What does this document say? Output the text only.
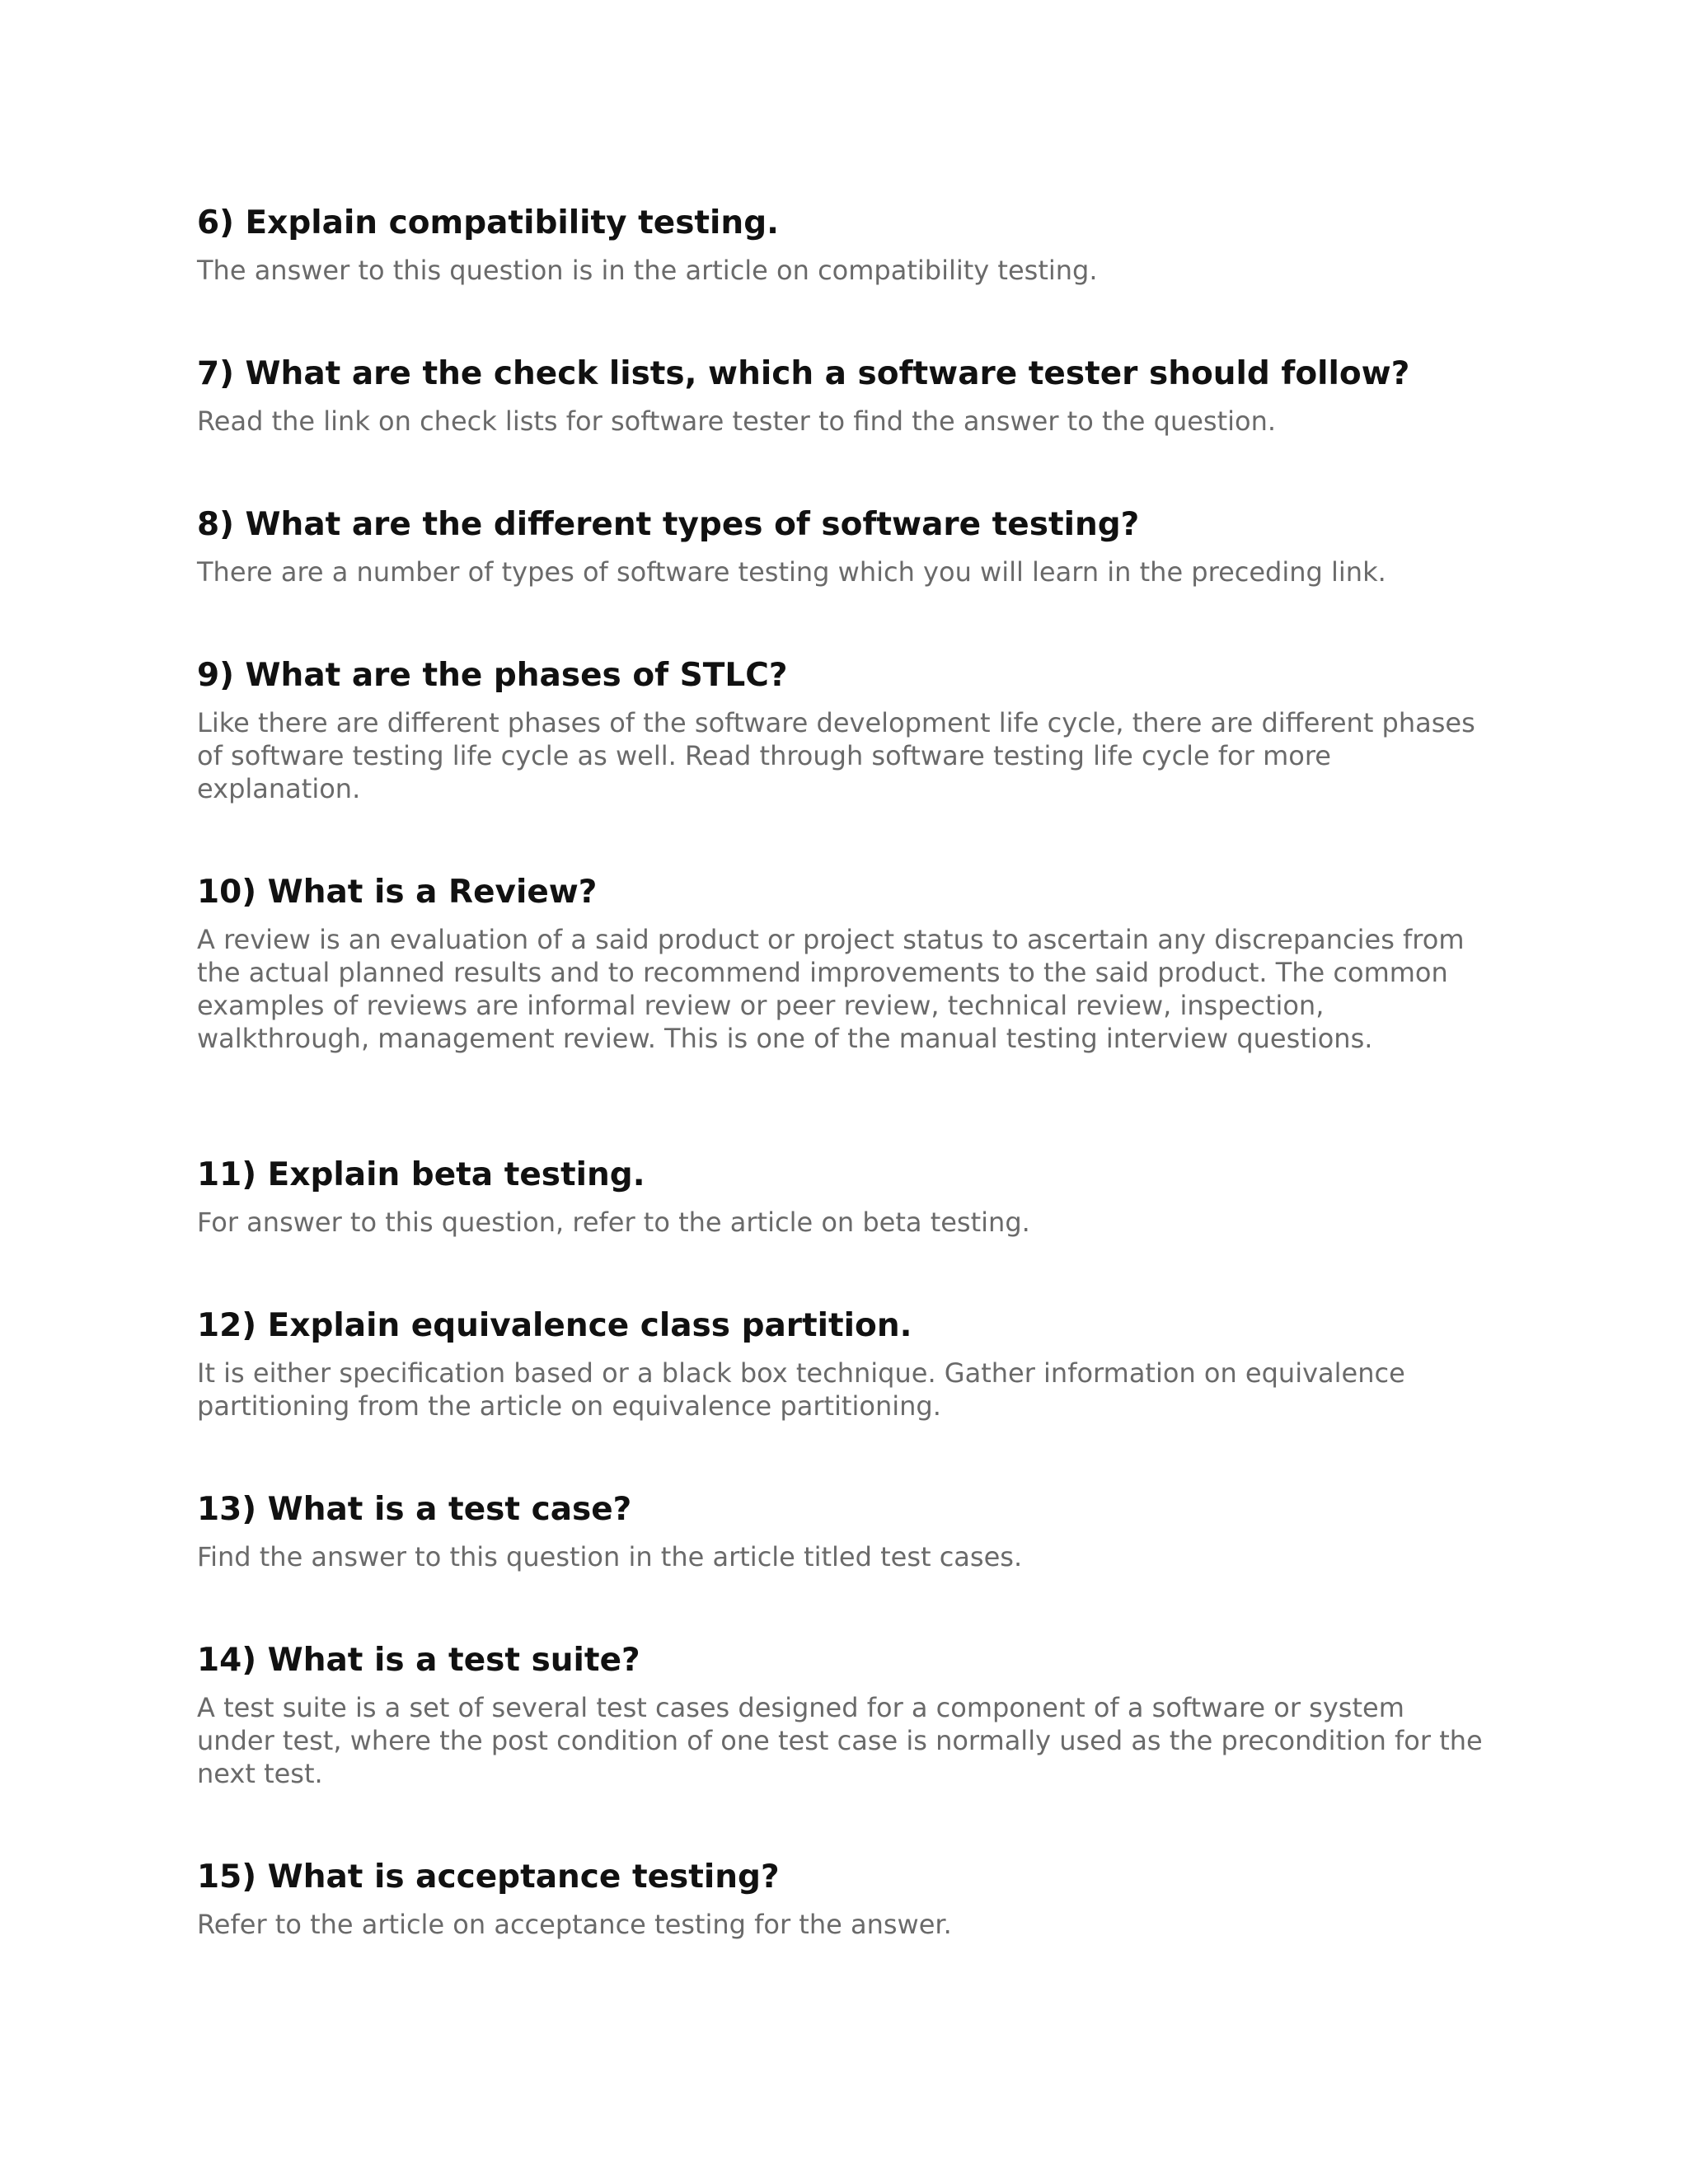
6) Explain compatibility testing.

The answer to this question is in the article on compatibility testing.

7) What are the check lists, which a software tester should follow?

Read the link on check lists for software tester to find the answer to the question.

8) What are the different types of software testing?

There are a number of types of software testing which you will learn in the preceding link.

9) What are the phases of STLC?

Like there are different phases of the software development life cycle, there are different phases of software testing life cycle as well. Read through software testing life cycle for more explanation.

10) What is a Review?

A review is an evaluation of a said product or project status to ascertain any discrepancies from the actual planned results and to recommend improvements to the said product. The common examples of reviews are informal review or peer review, technical review, inspection, walkthrough, management review. This is one of the manual testing interview questions.

11) Explain beta testing.

For answer to this question, refer to the article on beta testing.

12) Explain equivalence class partition.

It is either specification based or a black box technique. Gather information on equivalence partitioning from the article on equivalence partitioning.

13) What is a test case?

Find the answer to this question in the article titled test cases.

14) What is a test suite?

A test suite is a set of several test cases designed for a component of a software or system under test, where the post condition of one test case is normally used as the precondition for the next test.

15) What is acceptance testing?

Refer to the article on acceptance testing for the answer.
